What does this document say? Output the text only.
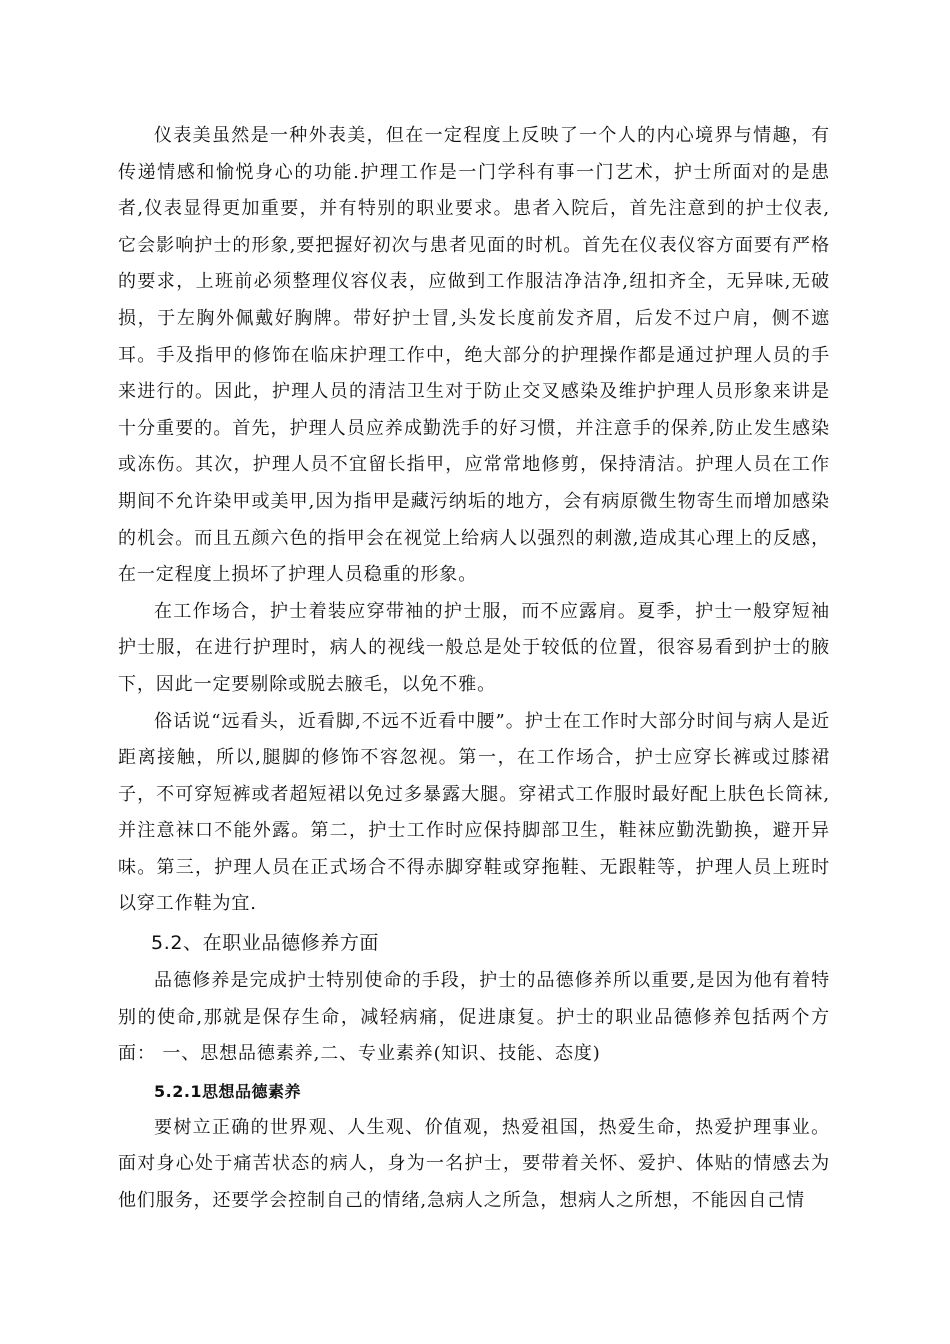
仪表美虽然是一种外表美，但在一定程度上反映了一个人的内心境界与情趣，有传递情感和愉悦身心的功能.护理工作是一门学科有事一门艺术，护士所面对的是患者,仪表显得更加重要，并有特别的职业要求。患者入院后，首先注意到的护士仪表,它会影响护士的形象,要把握好初次与患者见面的时机。首先在仪表仪容方面要有严格的要求，上班前必须整理仪容仪表，应做到工作服洁净洁净,纽扣齐全，无异味,无破损，于左胸外佩戴好胸牌。带好护士冒,头发长度前发齐眉，后发不过户肩，侧不遮耳。手及指甲的修饰在临床护理工作中，绝大部分的护理操作都是通过护理人员的手来进行的。因此，护理人员的清洁卫生对于防止交叉感染及维护护理人员形象来讲是十分重要的。首先，护理人员应养成勤洗手的好习惯，并注意手的保养,防止发生感染或冻伤。其次，护理人员不宜留长指甲，应常常地修剪，保持清洁。护理人员在工作期间不允许染甲或美甲,因为指甲是藏污纳垢的地方，会有病原微生物寄生而增加感染的机会。而且五颜六色的指甲会在视觉上给病人以强烈的刺激,造成其心理上的反感，在一定程度上损坏了护理人员稳重的形象。

在工作场合，护士着装应穿带袖的护士服，而不应露肩。夏季，护士一般穿短袖护士服，在进行护理时，病人的视线一般总是处于较低的位置，很容易看到护士的腋下，因此一定要剔除或脱去腋毛，以免不雅。

俗话说“远看头，近看脚,不远不近看中腰”。护士在工作时大部分时间与病人是近距离接触，所以,腿脚的修饰不容忽视。第一，在工作场合，护士应穿长裤或过膝裙子，不可穿短裤或者超短裙以免过多暴露大腿。穿裙式工作服时最好配上肤色长筒袜,并注意袜口不能外露。第二，护士工作时应保持脚部卫生，鞋袜应勤洗勤换，避开异味。第三，护理人员在正式场合不得赤脚穿鞋或穿拖鞋、无跟鞋等，护理人员上班时以穿工作鞋为宜.

5.2、在职业品德修养方面

品德修养是完成护士特别使命的手段，护士的品德修养所以重要,是因为他有着特别的使命,那就是保存生命，减轻病痛，促进康复。护士的职业品德修养包括两个方面： 一、思想品德素养,二、专业素养(知识、技能、态度)

5.2.1思想品德素养

要树立正确的世界观、人生观、价值观，热爱祖国，热爱生命，热爱护理事业。面对身心处于痛苦状态的病人，身为一名护士，要带着关怀、爱护、体贴的情感去为他们服务，还要学会控制自己的情绪,急病人之所急，想病人之所想，不能因自己情
